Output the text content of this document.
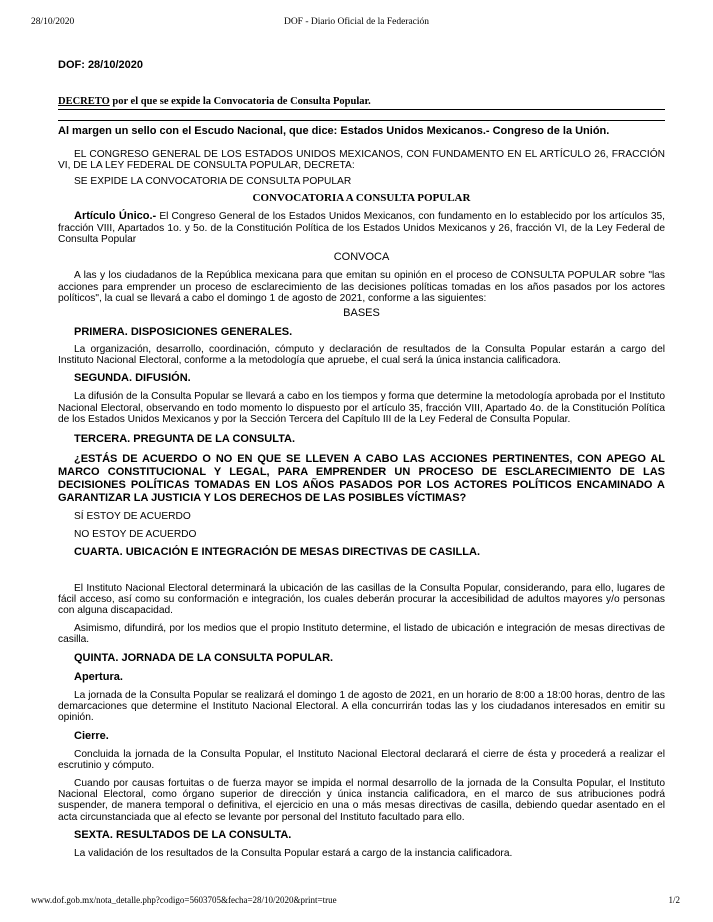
28/10/2020	DOF - Diario Oficial de la Federación

DOF: 28/10/2020

DECRETO por el que se expide la Convocatoria de Consulta Popular.

Al margen un sello con el Escudo Nacional, que dice: Estados Unidos Mexicanos.- Congreso de la Unión.

EL CONGRESO GENERAL DE LOS ESTADOS UNIDOS MEXICANOS, CON FUNDAMENTO EN EL ARTÍCULO 26, FRACCIÓN VI, DE LA LEY FEDERAL DE CONSULTA POPULAR, DECRETA:

SE EXPIDE LA CONVOCATORIA DE CONSULTA POPULAR

CONVOCATORIA A CONSULTA POPULAR

Artículo Único.- El Congreso General de los Estados Unidos Mexicanos, con fundamento en lo establecido por los artículos 35, fracción VIII, Apartados 1o. y 5o. de la Constitución Política de los Estados Unidos Mexicanos y 26, fracción VI, de la Ley Federal de Consulta Popular

CONVOCA

A las y los ciudadanos de la República mexicana para que emitan su opinión en el proceso de CONSULTA POPULAR sobre "las acciones para emprender un proceso de esclarecimiento de las decisiones políticas tomadas en los años pasados por los actores políticos", la cual se llevará a cabo el domingo 1 de agosto de 2021, conforme a las siguientes:

BASES

PRIMERA. DISPOSICIONES GENERALES.

La organización, desarrollo, coordinación, cómputo y declaración de resultados de la Consulta Popular estarán a cargo del Instituto Nacional Electoral, conforme a la metodología que apruebe, el cual será la única instancia calificadora.

SEGUNDA. DIFUSIÓN.

La difusión de la Consulta Popular se llevará a cabo en los tiempos y forma que determine la metodología aprobada por el Instituto Nacional Electoral, observando en todo momento lo dispuesto por el artículo 35, fracción VIII, Apartado 4o. de la Constitución Política de los Estados Unidos Mexicanos y por la Sección Tercera del Capítulo III de la Ley Federal de Consulta Popular.

TERCERA. PREGUNTA DE LA CONSULTA.

¿ESTÁS DE ACUERDO O NO EN QUE SE LLEVEN A CABO LAS ACCIONES PERTINENTES, CON APEGO AL MARCO CONSTITUCIONAL Y LEGAL, PARA EMPRENDER UN PROCESO DE ESCLARECIMIENTO DE LAS DECISIONES POLÍTICAS TOMADAS EN LOS AÑOS PASADOS POR LOS ACTORES POLÍTICOS ENCAMINADO A GARANTIZAR LA JUSTICIA Y LOS DERECHOS DE LAS POSIBLES VÍCTIMAS?

SÍ ESTOY DE ACUERDO

NO ESTOY DE ACUERDO

CUARTA. UBICACIÓN E INTEGRACIÓN DE MESAS DIRECTIVAS DE CASILLA.

El Instituto Nacional Electoral determinará la ubicación de las casillas de la Consulta Popular, considerando, para ello, lugares de fácil acceso, así como su conformación e integración, los cuales deberán procurar la accesibilidad de adultos mayores y/o personas con alguna discapacidad.

Asimismo, difundirá, por los medios que el propio Instituto determine, el listado de ubicación e integración de mesas directivas de casilla.

QUINTA. JORNADA DE LA CONSULTA POPULAR.

Apertura.

La jornada de la Consulta Popular se realizará el domingo 1 de agosto de 2021, en un horario de 8:00 a 18:00 horas, dentro de las demarcaciones que determine el Instituto Nacional Electoral. A ella concurrirán todas las y los ciudadanos interesados en emitir su opinión.

Cierre.

Concluida la jornada de la Consulta Popular, el Instituto Nacional Electoral declarará el cierre de ésta y procederá a realizar el escrutinio y cómputo.

Cuando por causas fortuitas o de fuerza mayor se impida el normal desarrollo de la jornada de la Consulta Popular, el Instituto Nacional Electoral, como órgano superior de dirección y única instancia calificadora, en el marco de sus atribuciones podrá suspender, de manera temporal o definitiva, el ejercicio en una o más mesas directivas de casilla, debiendo quedar asentado en el acta circunstanciada que al efecto se levante por personal del Instituto facultado para ello.

SEXTA. RESULTADOS DE LA CONSULTA.

La validación de los resultados de la Consulta Popular estará a cargo de la instancia calificadora.

www.dof.gob.mx/nota_detalle.php?codigo=5603705&fecha=28/10/2020&print=true	1/2
